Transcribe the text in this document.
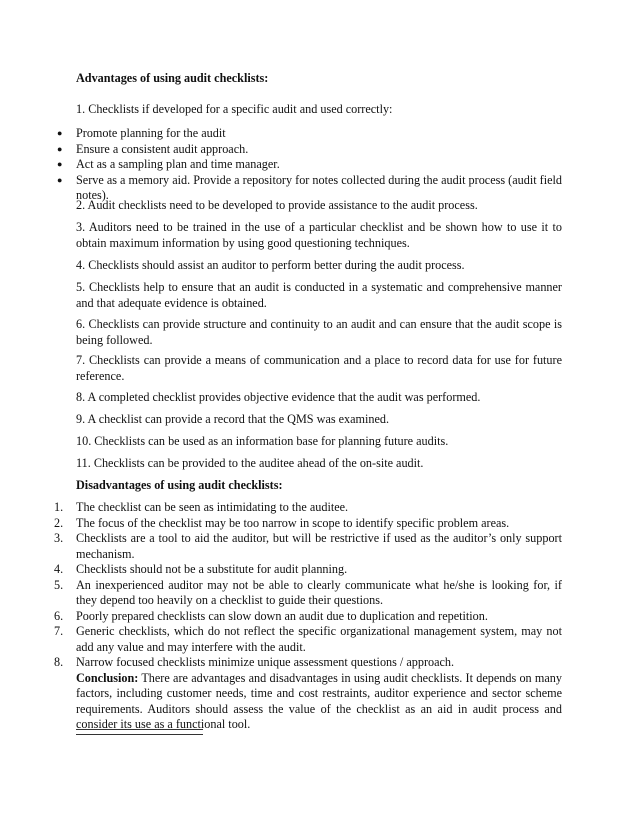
Advantages of using audit checklists:
1. Checklists if developed for a specific audit and used correctly:
● Promote planning for the audit
● Ensure a consistent audit approach.
● Act as a sampling plan and time manager.
● Serve as a memory aid. Provide a repository for notes collected during the audit process (audit field notes).
2. Audit checklists need to be developed to provide assistance to the audit process.
3. Auditors need to be trained in the use of a particular checklist and be shown how to use it to obtain maximum information by using good questioning techniques.
4. Checklists should assist an auditor to perform better during the audit process.
5. Checklists help to ensure that an audit is conducted in a systematic and comprehensive manner and that adequate evidence is obtained.
6. Checklists can provide structure and continuity to an audit and can ensure that the audit scope is being followed.
7. Checklists can provide a means of communication and a place to record data for use for future reference.
8. A completed checklist provides objective evidence that the audit was performed.
9. A checklist can provide a record that the QMS was examined.
10. Checklists can be used as an information base for planning future audits.
11. Checklists can be provided to the auditee ahead of the on-site audit.
Disadvantages of using audit checklists:
1. The checklist can be seen as intimidating to the auditee.
2. The focus of the checklist may be too narrow in scope to identify specific problem areas.
3. Checklists are a tool to aid the auditor, but will be restrictive if used as the auditor’s only support mechanism.
4. Checklists should not be a substitute for audit planning.
5. An inexperienced auditor may not be able to clearly communicate what he/she is looking for, if they depend too heavily on a checklist to guide their questions.
6. Poorly prepared checklists can slow down an audit due to duplication and repetition.
7. Generic checklists, which do not reflect the specific organizational management system, may not add any value and may interfere with the audit.
8. Narrow focused checklists minimize unique assessment questions / approach.
Conclusion: There are advantages and disadvantages in using audit checklists. It depends on many factors, including customer needs, time and cost restraints, auditor experience and sector scheme requirements. Auditors should assess the value of the checklist as an aid in audit process and consider its use as a functional tool.
